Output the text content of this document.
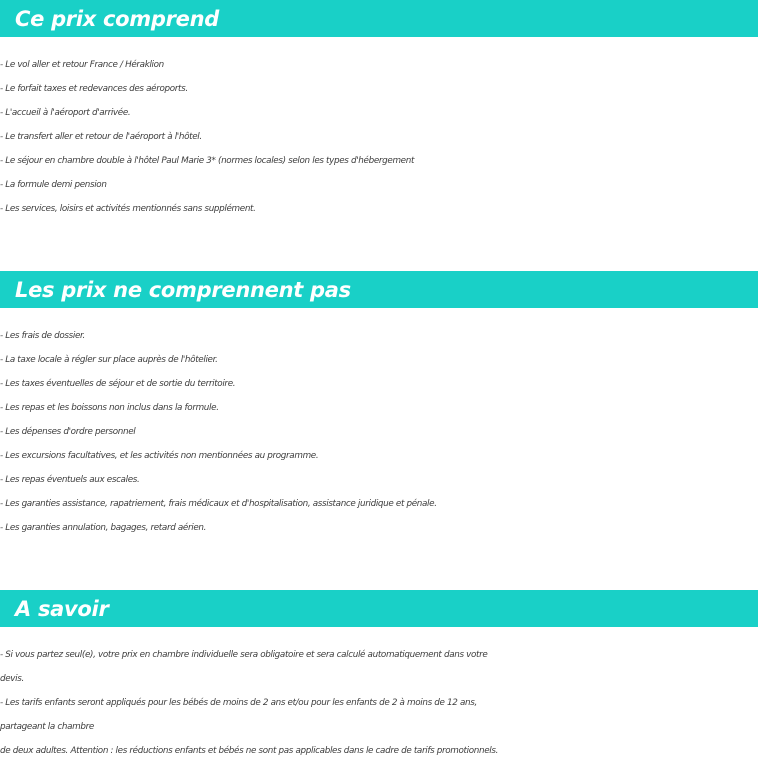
Ce prix comprend
- Le vol aller et retour France / Héraklion
- Le forfait taxes et redevances des aéroports.
- L'accueil à l'aéroport d'arrivée.
- Le transfert aller et retour de l'aéroport à l'hôtel.
- Le séjour en chambre double à l'hôtel Paul Marie 3* (normes locales) selon les types d'hébergement
- La formule demi pension
- Les services, loisirs et activités mentionnés sans supplément.
Les prix ne comprennent pas
- Les frais de dossier.
- La taxe locale à régler sur place auprès de l'hôtelier.
- Les taxes éventuelles de séjour et de sortie du territoire.
- Les repas et les boissons non inclus dans la formule.
- Les dépenses d'ordre personnel
- Les excursions facultatives, et les activités non mentionnées au programme.
- Les repas éventuels aux escales.
- Les garanties assistance, rapatriement, frais médicaux et d'hospitalisation, assistance juridique et pénale.
- Les garanties annulation, bagages, retard aérien.
A savoir
- Si vous partez seul(e), votre prix en chambre individuelle sera obligatoire et sera calculé automatiquement dans votre
devis.
- Les tarifs enfants seront appliqués pour les bébés de moins de 2 ans et/ou pour les enfants de 2 à moins de 12 ans,
partageant la chambre
de deux adultes. Attention : les réductions enfants et bébés ne sont pas applicables dans le cadre de tarifs promotionnels.
